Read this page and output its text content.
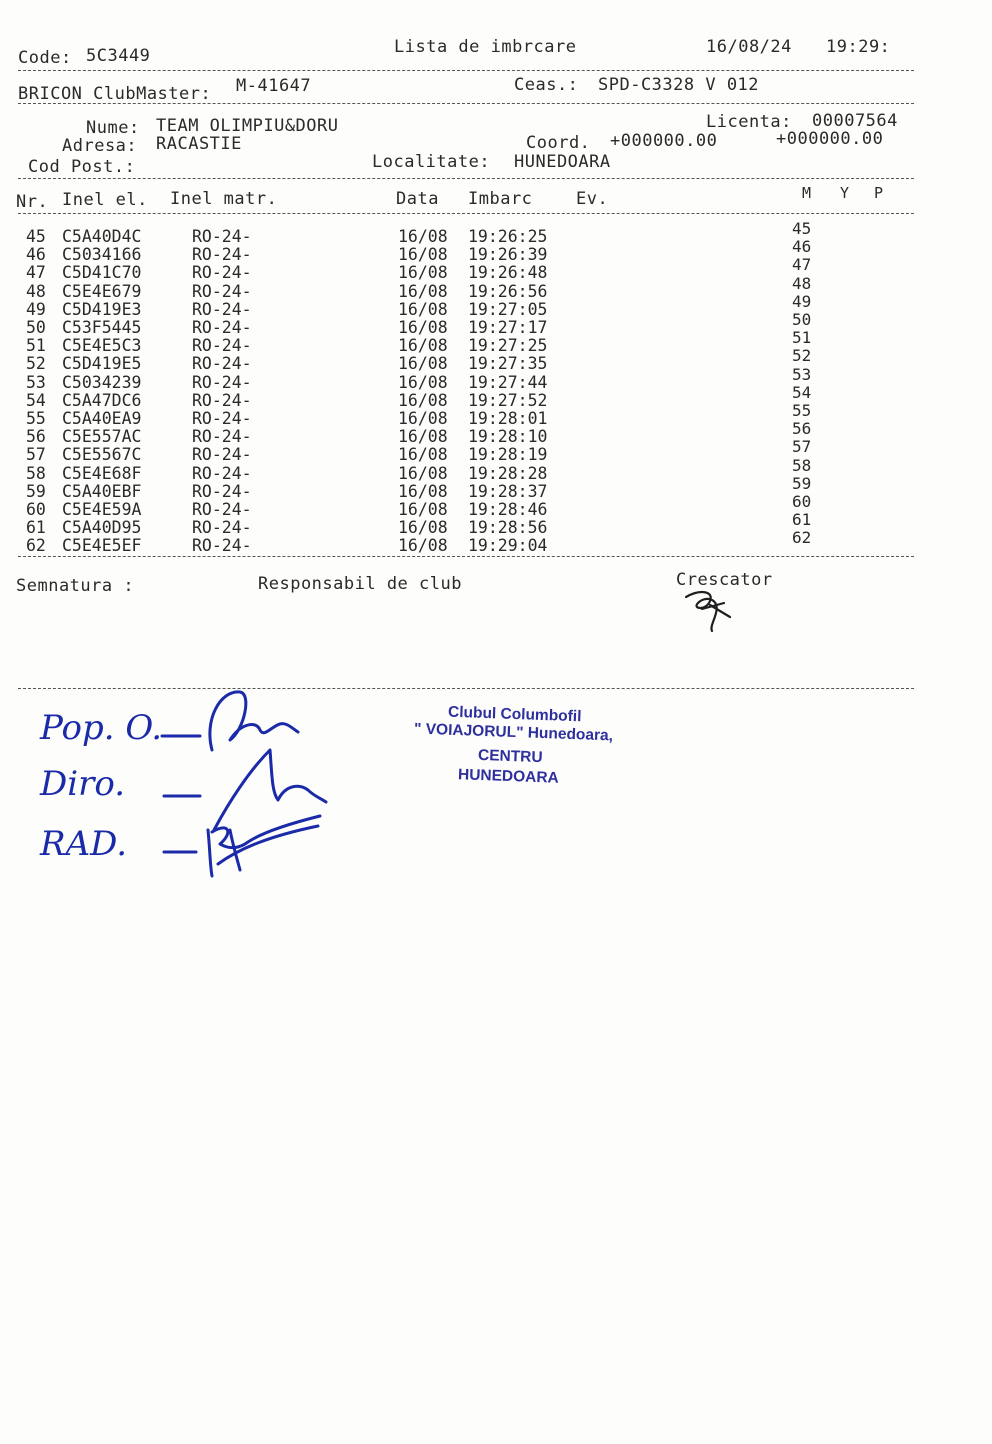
Code: 5C3449	Lista de imbrcare	16/08/24 19:29:
BRICON ClubMaster: M-41647	Ceas.: SPD-C3328 V 012
Nume: TEAM OLIMPIU&DORU	Licenta: 00007564
Adresa: RACASTIE	Coord. +000000.00	+000000.00
Cod Post.:	Localitate: HUNEDOARA
Nr. Inel el. Inel matr.	Data Imbarc	Ev.	M Y P
45 C5A40D4C	RO-24-	16/08 19:26:25	45
46 C5034166	RO-24-	16/08 19:26:39	46
47 C5D41C70	RO-24-	16/08 19:26:48	47
48 C5E4E679	RO-24-	16/08 19:26:56	48
49 C5D419E3	RO-24-	16/08 19:27:05	49
50 C53F5445	RO-24-	16/08 19:27:17	50
51 C5E4E5C3	RO-24-	16/08 19:27:25	51
52 C5D419E5	RO-24-	16/08 19:27:35	52
53 C5034239	RO-24-	16/08 19:27:44	53
54 C5A47DC6	RO-24-	16/08 19:27:52	54
55 C5A40EA9	RO-24-	16/08 19:28:01	55
56 C5E557AC	RO-24-	16/08 19:28:10	56
57 C5E5567C	RO-24-	16/08 19:28:19	57
58 C5E4E68F	RO-24-	16/08 19:28:28	58
59 C5A40EBF	RO-24-	16/08 19:28:37	59
60 C5E4E59A	RO-24-	16/08 19:28:46	60
61 C5A40D95	RO-24-	16/08 19:28:56	61
62 C5E4E5EF	RO-24-	16/08 19:29:04	62
Semnatura :	Responsabil de club	Crescator
Pop. O.
Diro.
RAD.
Clubul Columbofil
" VOIAJORUL" Hunedoara,
CENTRU
HUNEDOARA
